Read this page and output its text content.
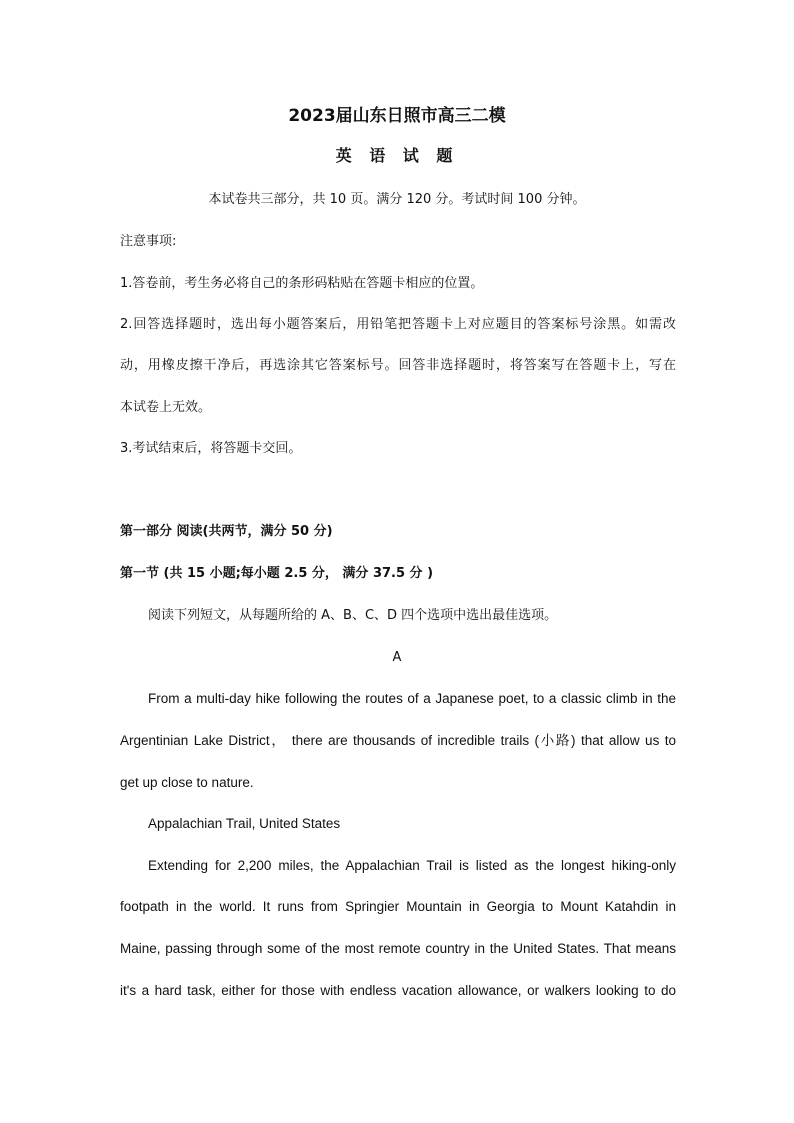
2023届山东日照市高三二模
英 语 试 题
本试卷共三部分，共 10 页。满分 120 分。考试时间 100 分钟。
注意事项:
1.答卷前，考生务必将自己的条形码粘贴在答题卡相应的位置。
2.回答选择题时，选出每小题答案后，用铅笔把答题卡上对应题目的答案标号涂黑。如需改
动，用橡皮擦干净后，再选涂其它答案标号。回答非选择题时，将答案写在答题卡上，写在
本试卷上无效。
3.考试结束后，将答题卡交回。
第一部分 阅读(共两节，满分 50 分)
第一节 (共 15 小题;每小题 2.5 分， 满分 37.5 分 )
阅读下列短文，从每题所给的 A、B、C、D 四个选项中选出最佳选项。
A
From a multi-day hike following the routes of a Japanese poet, to a classic climb in the
Argentinian Lake District， there are thousands of incredible trails (小路) that allow us to
get up close to nature.
Appalachian Trail, United States
Extending for 2,200 miles, the Appalachian Trail is listed as the longest hiking-only
footpath in the world. It runs from Springier Mountain in Georgia to Mount Katahdin in
Maine, passing through some of the most remote country in the United States. That means
it's a hard task, either for those with endless vacation allowance, or walkers looking to do
